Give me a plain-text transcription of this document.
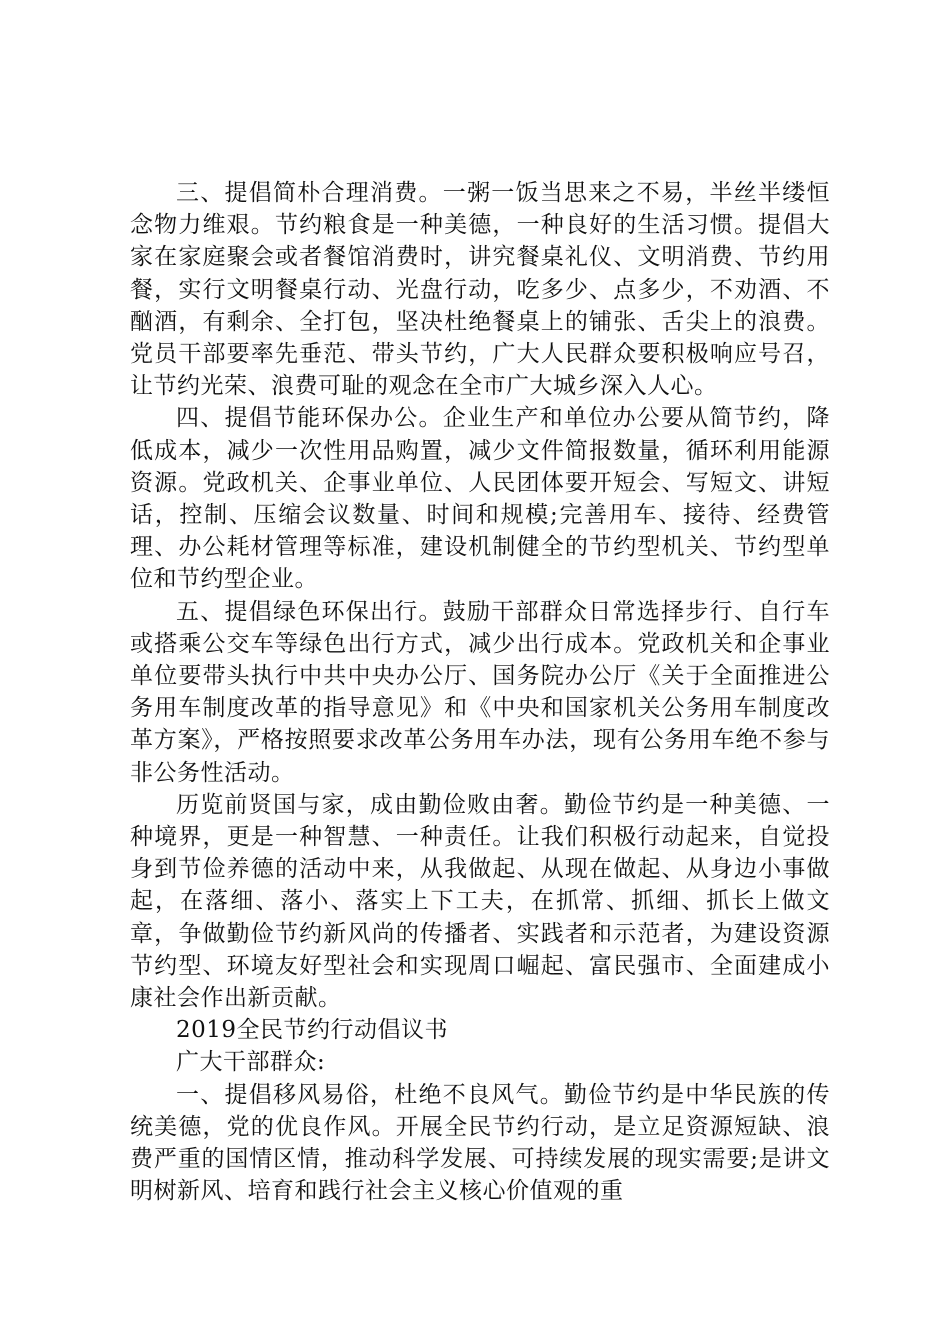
三、提倡简朴合理消费。一粥一饭当思来之不易，半丝半缕恒念物力维艰。节约粮食是一种美德，一种良好的生活习惯。提倡大家在家庭聚会或者餐馆消费时，讲究餐桌礼仪、文明消费、节约用餐，实行文明餐桌行动、光盘行动，吃多少、点多少，不劝酒、不酗酒，有剩余、全打包，坚决杜绝餐桌上的铺张、舌尖上的浪费。党员干部要率先垂范、带头节约，广大人民群众要积极响应号召，让节约光荣、浪费可耻的观念在全市广大城乡深入人心。

四、提倡节能环保办公。企业生产和单位办公要从简节约，降低成本，减少一次性用品购置，减少文件简报数量，循环利用能源资源。党政机关、企事业单位、人民团体要开短会、写短文、讲短话，控制、压缩会议数量、时间和规模;完善用车、接待、经费管理、办公耗材管理等标准，建设机制健全的节约型机关、节约型单位和节约型企业。

五、提倡绿色环保出行。鼓励干部群众日常选择步行、自行车或搭乘公交车等绿色出行方式，减少出行成本。党政机关和企事业单位要带头执行中共中央办公厅、国务院办公厅《关于全面推进公务用车制度改革的指导意见》和《中央和国家机关公务用车制度改革方案》，严格按照要求改革公务用车办法，现有公务用车绝不参与非公务性活动。

历览前贤国与家，成由勤俭败由奢。勤俭节约是一种美德、一种境界，更是一种智慧、一种责任。让我们积极行动起来，自觉投身到节俭养德的活动中来，从我做起、从现在做起、从身边小事做起，在落细、落小、落实上下工夫，在抓常、抓细、抓长上做文章，争做勤俭节约新风尚的传播者、实践者和示范者，为建设资源节约型、环境友好型社会和实现周口崛起、富民强市、全面建成小康社会作出新贡献。

2019全民节约行动倡议书

广大干部群众:

一、提倡移风易俗，杜绝不良风气。勤俭节约是中华民族的传统美德，党的优良作风。开展全民节约行动，是立足资源短缺、浪费严重的国情区情，推动科学发展、可持续发展的现实需要;是讲文明树新风、培育和践行社会主义核心价值观的重
